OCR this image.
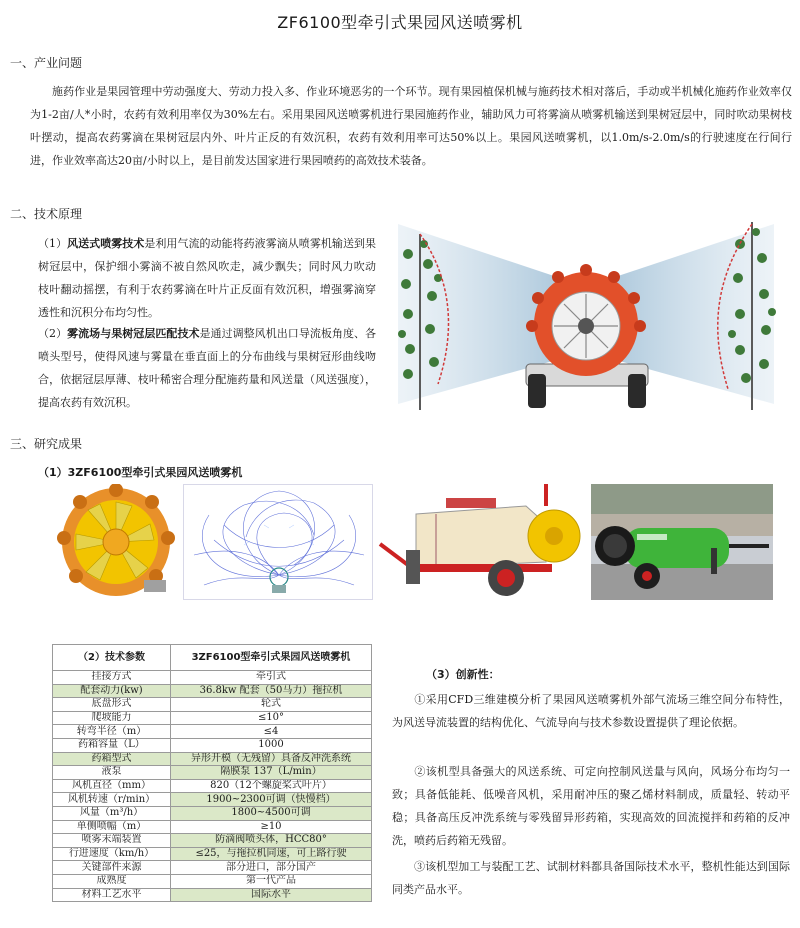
ZF6100型牵引式果园风送喷雾机
一、产业问题
施药作业是果园管理中劳动强度大、劳动力投入多、作业环境恶劣的一个环节。现有果园植保机械与施药技术相对落后，手动或半机械化施药作业效率仅为1-2亩/人*小时，农药有效利用率仅为30%左右。采用果园风送喷雾机进行果园施药作业，辅助风力可将雾滴从喷雾机输送到果树冠层中，同时吹动果树枝叶摆动，提高农药雾滴在果树冠层内外、叶片正反的有效沉积，农药有效利用率可达50%以上。果园风送喷雾机，以1.0m/s-2.0m/s的行驶速度在行间行进，作业效率高达20亩/小时以上，是目前发达国家进行果园喷药的高效技术装备。
二、技术原理
（1）风送式喷雾技术是利用气流的动能将药液雾滴从喷雾机输送到果树冠层中，保护细小雾滴不被自然风吹走，减少飘失；同时风力吹动枝叶翻动摇摆，有利于农药雾滴在叶片正反面有效沉积，增强雾滴穿透性和沉积分布均匀性。
（2）雾流场与果树冠层匹配技术是通过调整风机出口导流板角度、各喷头型号，使得风速与雾量在垂直面上的分布曲线与果树冠形曲线吻合，依据冠层厚薄、枝叶稀密合理分配施药量和风送量（风送强度），提高农药有效沉积。
三、研究成果
（1）3ZF6100型牵引式果园风送喷雾机
（2）技术参数	3ZF6100型牵引式果园风送喷雾机
挂接方式	牵引式
配套动力(kw)	36.8kw 配套（50马力）拖拉机
底盘形式	轮式
爬坡能力	≤10°
转弯半径（m）	≤4
药箱容量（L）	1000
药箱型式	异形开模（无残留）具备反冲洗系统
液泵	隔膜泵 137（L/min）
风机直径（mm）	820（12个螺旋桨式叶片）
风机转速（r/min）	1900~2300可调（快慢档）
风量（m³/h）	1800~4500可调
单侧喷幅（m）	≥10
喷雾末端装置	防滴阀喷头体，HCC80°
行进速度（km/h）	≤25，与拖拉机同速，可上路行驶
关键部件来源	部分进口，部分国产
成熟度	第一代产品
材料工艺水平	国际水平
（3）创新性：
①采用CFD三维建模分析了果园风送喷雾机外部气流场三维空间分布特性，为风送导流装置的结构优化、气流导向与技术参数设置提供了理论依据。
②该机型具备强大的风送系统、可定向控制风送量与风向，风场分布均匀一致；具备低能耗、低噪音风机，采用耐冲压的聚乙烯材料制成，质量轻、转动平稳；具备高压反冲洗系统与零残留异形药箱，实现高效的回流搅拌和药箱的反冲洗，喷药后药箱无残留。
③该机型加工与装配工艺、试制材料都具备国际技术水平，整机性能达到国际同类产品水平。
